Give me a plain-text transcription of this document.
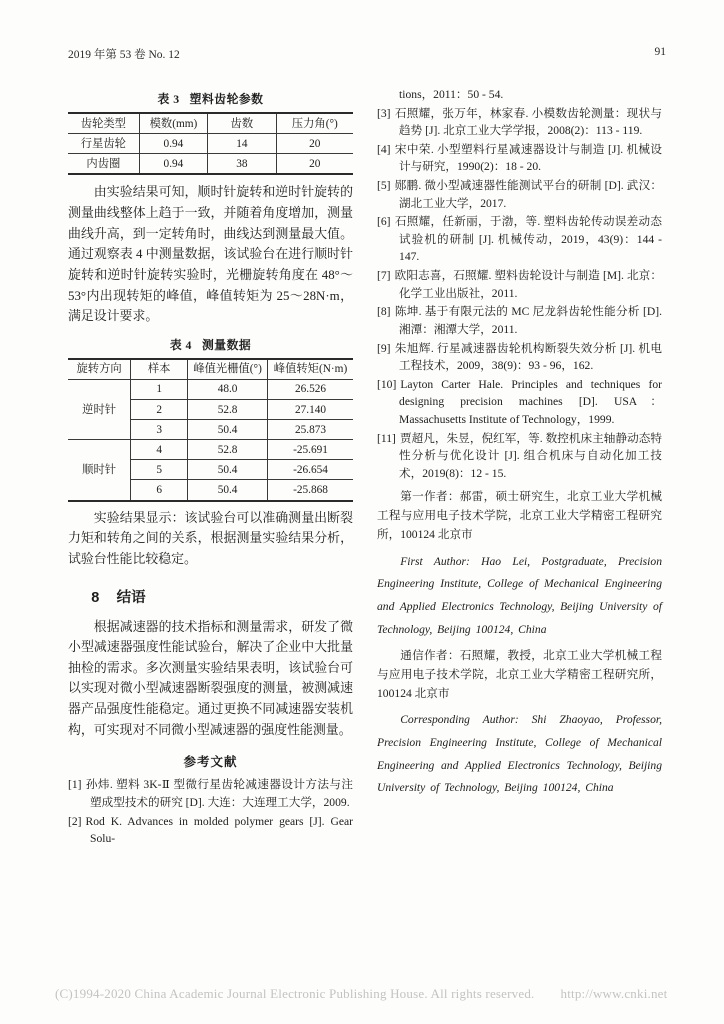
2019 年第 53 卷 No. 12	91
表 3 塑料齿轮参数
齿轮类型	模数(mm)	齿数	压力角(°)
行星齿轮	0.94	14	20
内齿圈	0.94	38	20

由实验结果可知，顺时针旋转和逆时针旋转的测量曲线整体上趋于一致，并随着角度增加，测量曲线升高，到一定转角时，曲线达到测量最大值。通过观察表 4 中测量数据，该试验台在进行顺时针旋转和逆时针旋转实验时，光栅旋转角度在 48°～53°内出现转矩的峰值，峰值转矩为 25～28N·m，满足设计要求。

表 4 测量数据
旋转方向	样本	峰值光栅值(°)	峰值转矩(N·m)
逆时针	1	48.0	26.526
	2	52.8	27.140
	3	50.4	25.873
顺时针	4	52.8	-25.691
	5	50.4	-26.654
	6	50.4	-25.868

实验结果显示：该试验台可以准确测量出断裂力矩和转角之间的关系，根据测量实验结果分析，试验台性能比较稳定。

8 结语

根据减速器的技术指标和测量需求，研发了微小型减速器强度性能试验台，解决了企业中大批量抽检的需求。多次测量实验结果表明，该试验台可以实现对微小型减速器断裂强度的测量，被测减速器产品强度性能稳定。通过更换不同减速器安装机构，可实现对不同微小型减速器的强度性能测量。

参考文献
[1] 孙炜. 塑料 3K-Ⅱ 型微行星齿轮减速器设计方法与注塑成型技术的研究 [D]. 大连：大连理工大学，2009.
[2] Rod K. Advances in molded polymer gears [J]. Gear Solu-
tions，2011：50 - 54.
[3] 石照耀，张万年，林家春. 小模数齿轮测量：现状与趋势 [J]. 北京工业大学学报，2008(2)：113 - 119.
[4] 宋中荣. 小型塑料行星减速器设计与制造 [J]. 机械设计与研究，1990(2)：18 - 20.
[5] 郧鹏. 微小型减速器性能测试平台的研制 [D]. 武汉：湖北工业大学，2017.
[6] 石照耀，任新丽，于渤，等. 塑料齿轮传动误差动态试验机的研制 [J]. 机械传动，2019，43(9)：144 - 147.
[7] 欧阳志喜，石照耀. 塑料齿轮设计与制造 [M]. 北京：化学工业出版社，2011.
[8] 陈坤. 基于有限元法的 MC 尼龙斜齿轮性能分析 [D]. 湘潭：湘潭大学，2011.
[9] 朱旭辉. 行星减速器齿轮机构断裂失效分析 [J]. 机电工程技术，2009，38(9)：93 - 96，162.
[10] Layton Carter Hale. Principles and techniques for designing precision machines [D]. USA：Massachusetts Institute of Technology，1999.
[11] 贾超凡，朱昱，倪红军，等. 数控机床主轴静动态特性分析与优化设计 [J]. 组合机床与自动化加工技术，2019(8)：12 - 15.

第一作者：郝雷，硕士研究生，北京工业大学机械工程与应用电子技术学院，北京工业大学精密工程研究所，100124 北京市

First Author: Hao Lei, Postgraduate, Precision Engineering Institute, College of Mechanical Engineering and Applied Electronics Technology, Beijing University of Technology, Beijing 100124, China

通信作者：石照耀，教授，北京工业大学机械工程与应用电子技术学院，北京工业大学精密工程研究所，100124 北京市

Corresponding Author: Shi Zhaoyao, Professor, Precision Engineering Institute, College of Mechanical Engineering and Applied Electronics Technology, Beijing University of Technology, Beijing 100124, China

(C)1994-2020 China Academic Journal Electronic Publishing House. All rights reserved. http://www.cnki.net
